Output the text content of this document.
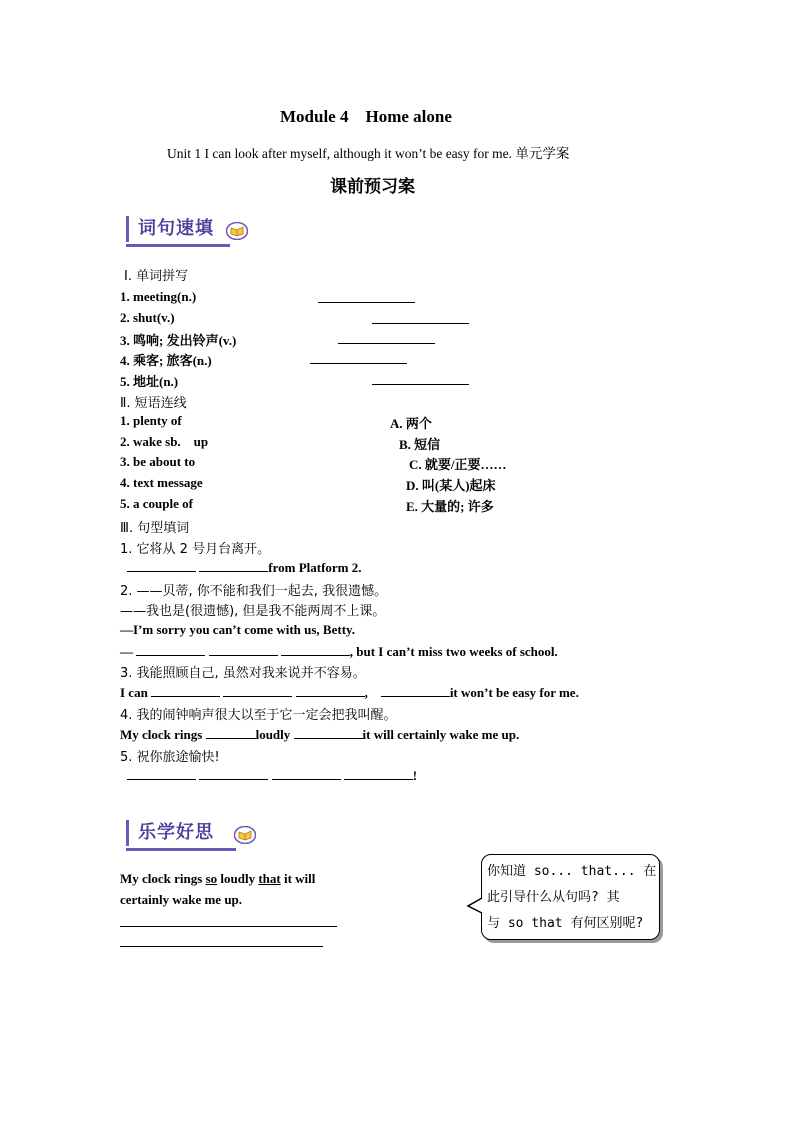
Module 4    Home alone
Unit 1 I can look after myself, although it won’t be easy for me. 单元学案
课前预习案
词句速填
Ⅰ. 单词拼写
1. meeting(n.)
2. shut(v.)
3. 鸣响; 发出铃声(v.)
4. 乘客; 旅客(n.)
5. 地址(n.)
Ⅱ. 短语连线
1. plenty of	A. 两个
2. wake sb.    up	B. 短信
3. be about to	C. 就要/正要……
4. text message	D. 叫(某人)起床
5. a couple of	E. 大量的; 许多
Ⅲ. 句型填词
1. 它将从 2 号月台离开。
from Platform 2.
2. ——贝蒂, 你不能和我们一起去, 我很遗憾。
——我也是(很遗憾), 但是我不能两周不上课。
—I’m sorry you can’t come with us, Betty.
—	, but I can’t miss two weeks of school.
3. 我能照顾自己, 虽然对我来说并不容易。
I can	,	it won’t be easy for me.
4. 我的闹钟响声很大以至于它一定会把我叫醒。
My clock rings	loudly	it will certainly wake me up.
5. 祝你旅途愉快!
!
乐学好思
My clock rings so loudly that it will
certainly wake me up.
你知道 so... that... 在
此引导什么从句吗? 其
与 so that 有何区别呢?
